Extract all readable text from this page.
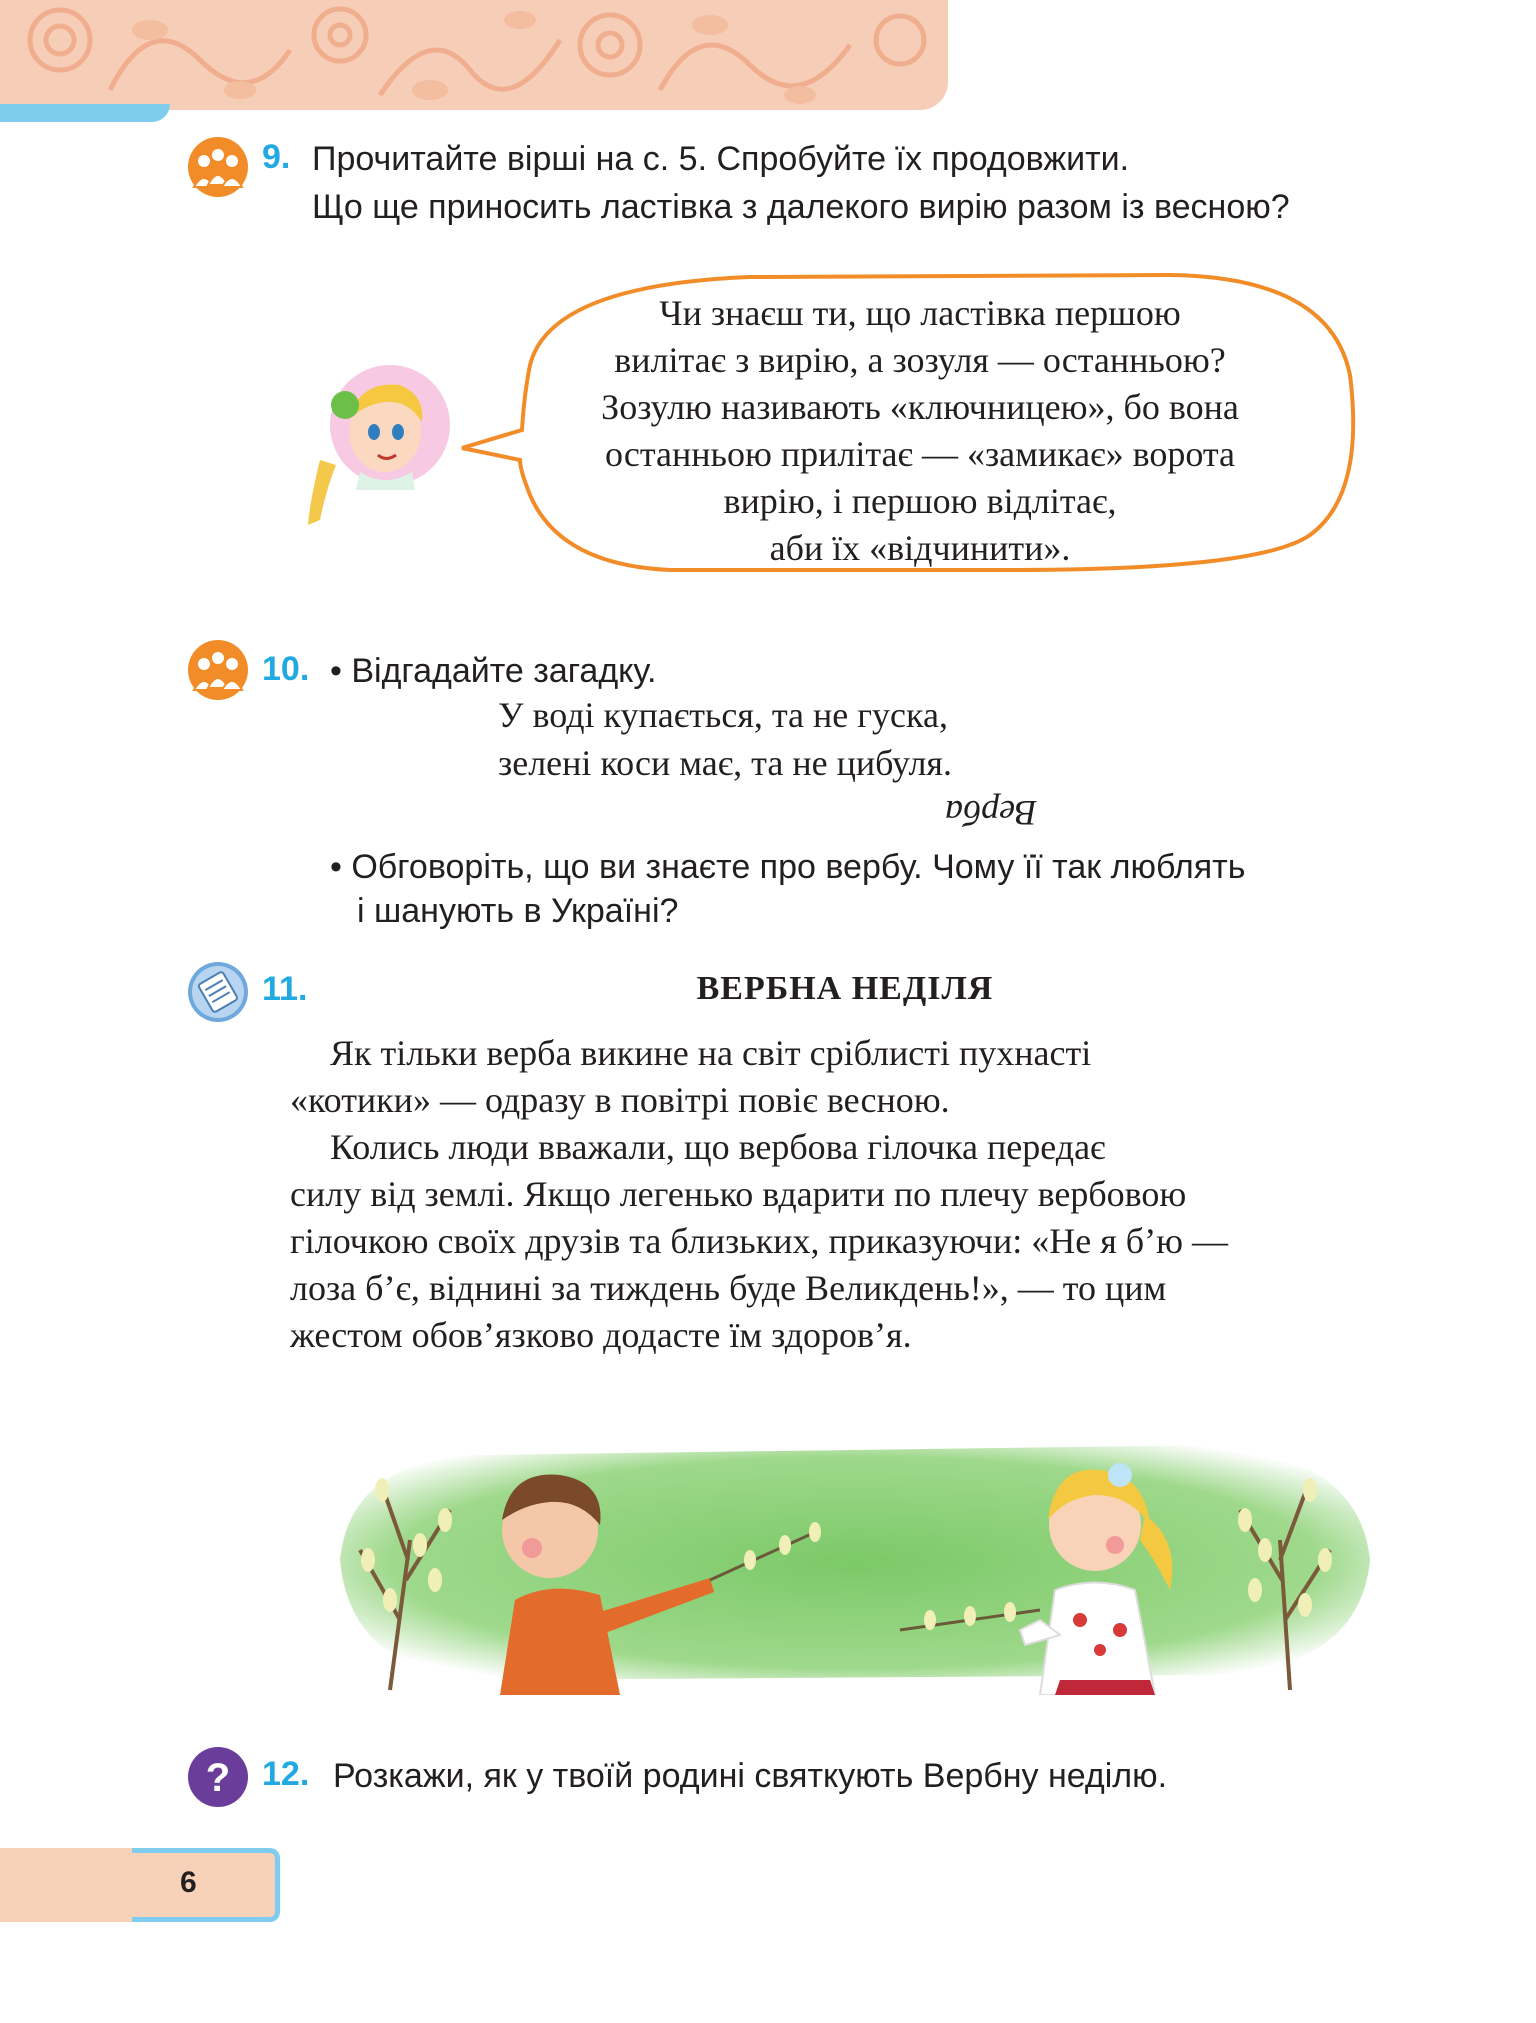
9. Прочитайте вірші на с. 5. Спробуйте їх продовжити.
Що ще приносить ластівка з далекого вирію разом із весною?
Чи знаєш ти, що ластівка першою
вилітає з вирію, а зозуля — останньою?
Зозулю називають «ключницею», бо вона
останньою прилітає — «замикає» ворота
вирію, і першою відлітає,
аби їх «відчинити».
10. • Відгадайте загадку.
У воді купається, та не гуска,
зелені коси має, та не цибуля.
Верба
• Обговоріть, що ви знаєте про вербу. Чому її так люблять
і шанують в Україні?
11.	ВЕРБНА НЕДІЛЯ
Як тільки верба викине на світ сріблисті пухнасті
«котики» — одразу в повітрі повіє весною.
Колись люди вважали, що вербова гілочка передає
силу від землі. Якщо легенько вдарити по плечу вербовою
гілочкою своїх друзів та близьких, приказуючи: «Не я б’ю —
лоза б’є, віднині за тиждень буде Великдень!», — то цим
жестом обов’язково додасте їм здоров’я.
? 12. Розкажи, як у твоїй родині святкують Вербну неділю.
6
